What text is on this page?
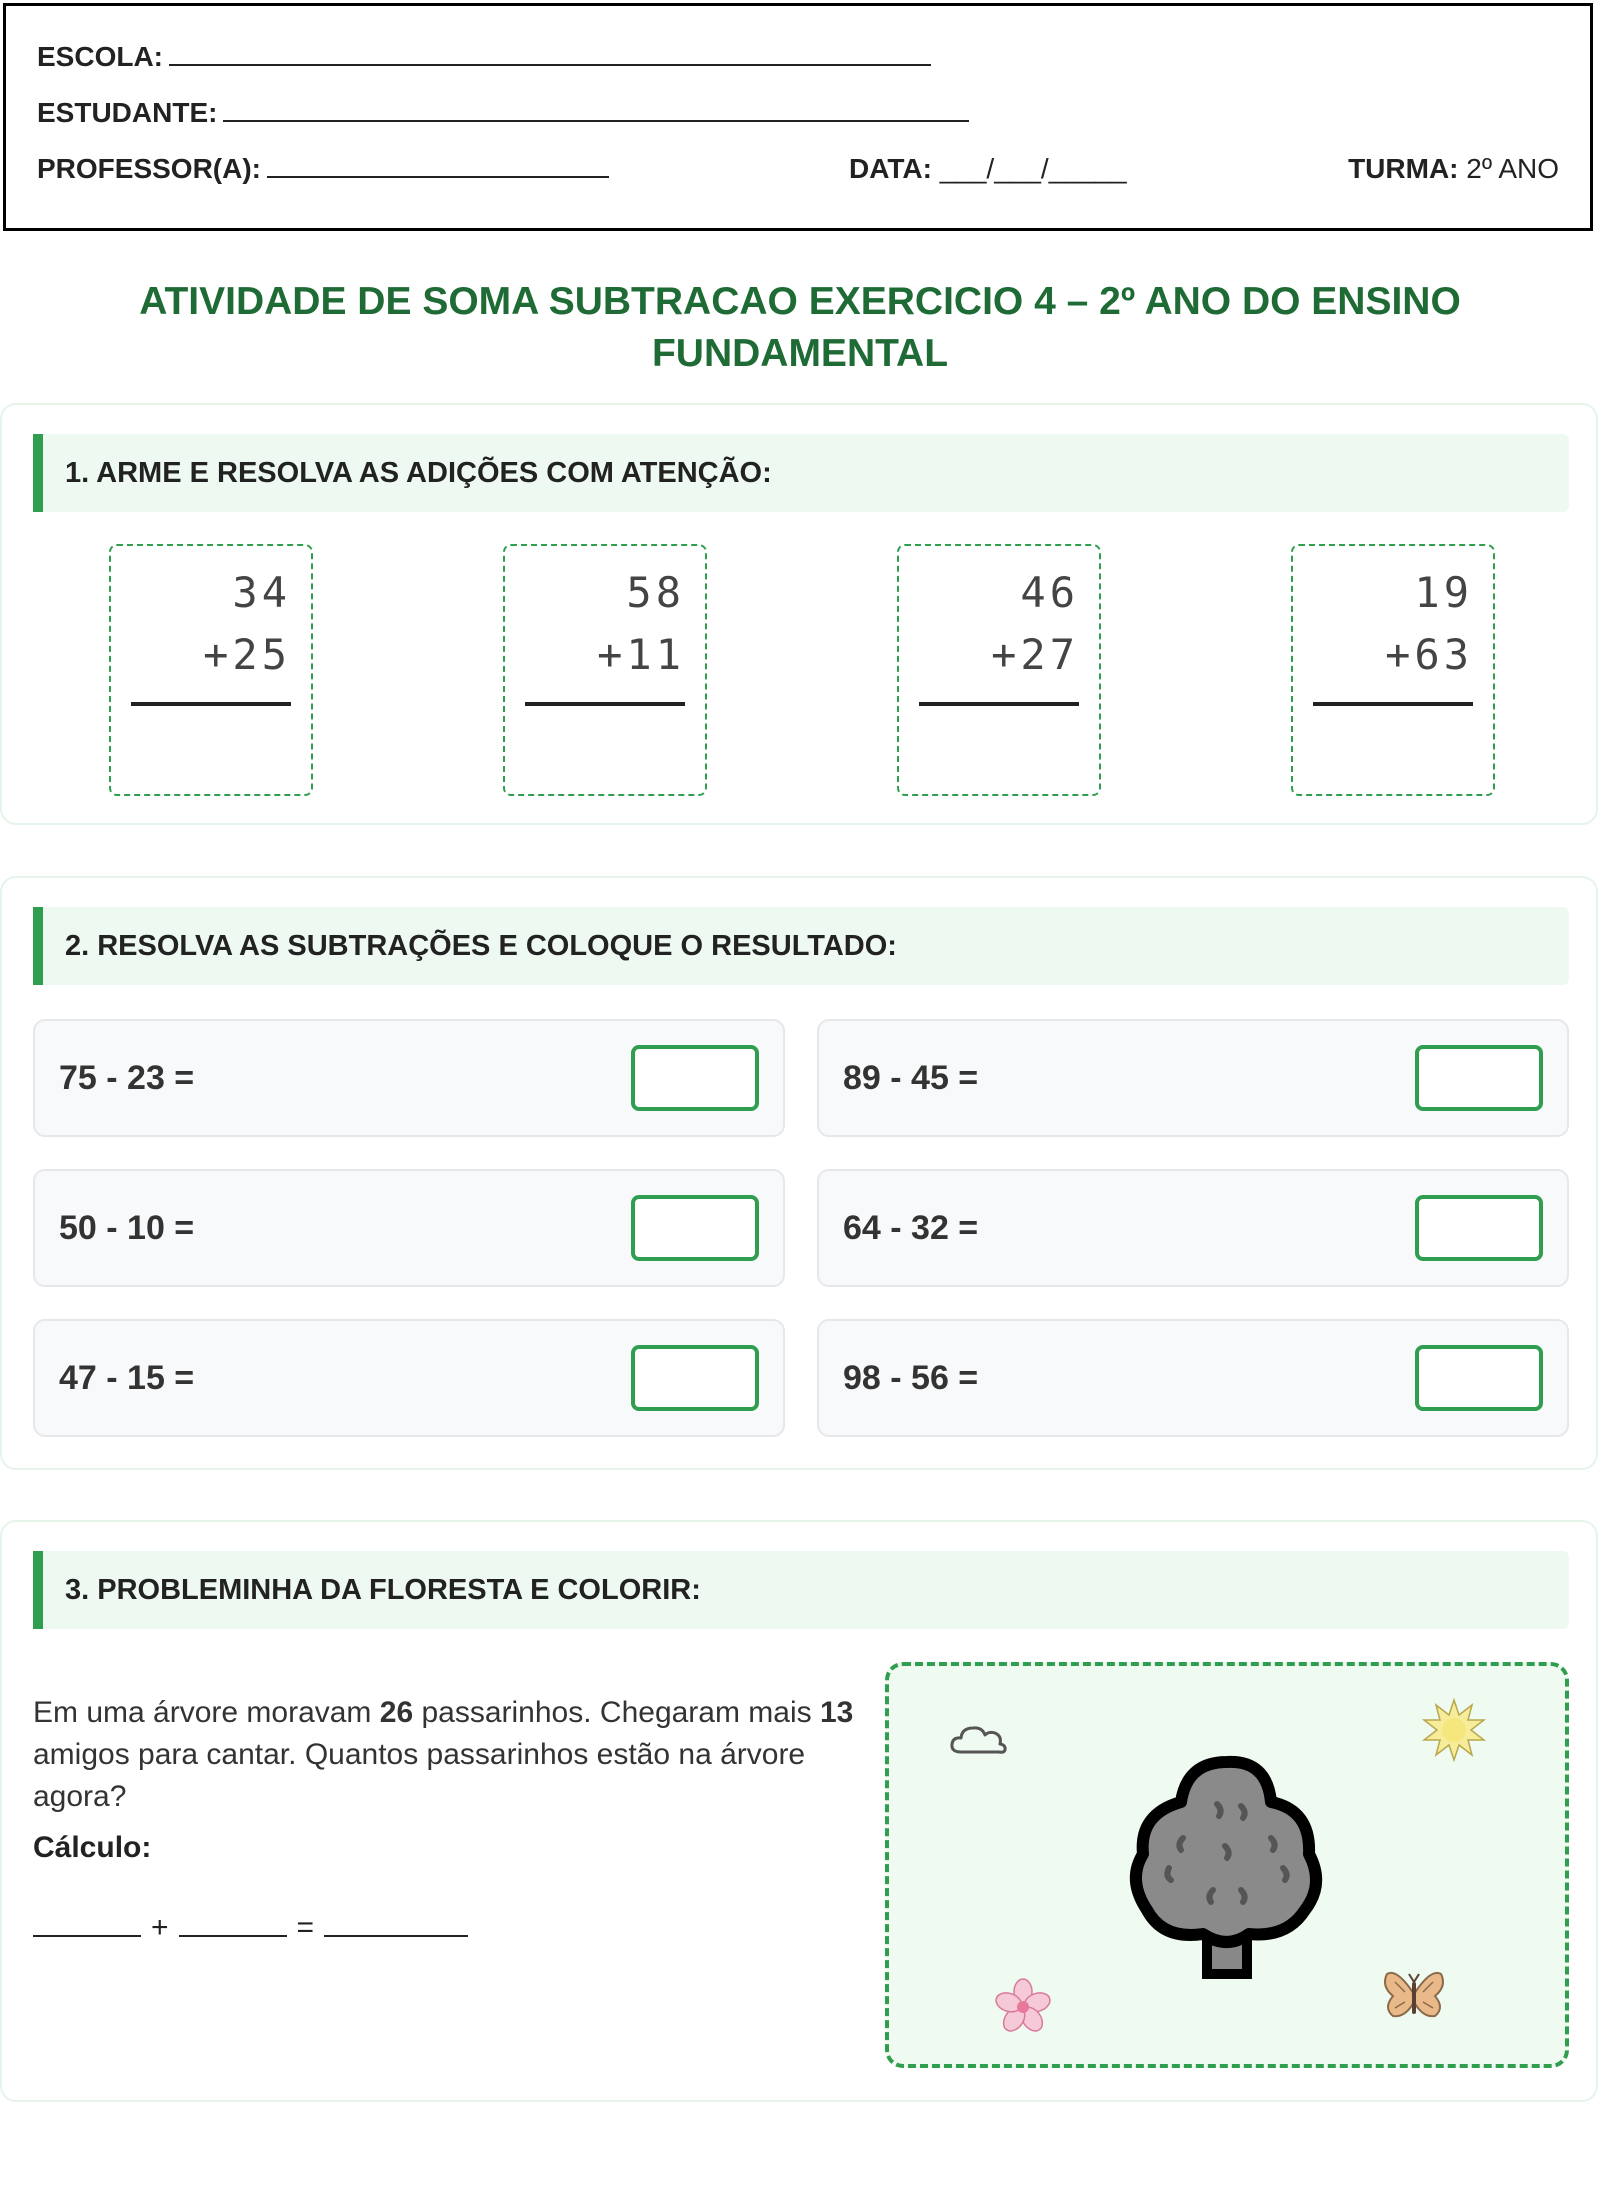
ESCOLA:
ESTUDANTE:
PROFESSOR(A):	DATA: ___/___/_____	TURMA: 2º ANO
ATIVIDADE DE SOMA SUBTRACAO EXERCICIO 4 – 2º ANO DO ENSINO FUNDAMENTAL
1. ARME E RESOLVA AS ADIÇÕES COM ATENÇÃO:
34
+25
58
+11
46
+27
19
+63
2. RESOLVA AS SUBTRAÇÕES E COLOQUE O RESULTADO:
75 - 23 =	89 - 45 =
50 - 10 =	64 - 32 =
47 - 15 =	98 - 56 =
3. PROBLEMINHA DA FLORESTA E COLORIR:
Em uma árvore moravam 26 passarinhos. Chegaram mais 13 amigos para cantar. Quantos passarinhos estão na árvore agora?
Cálculo:
+	=
